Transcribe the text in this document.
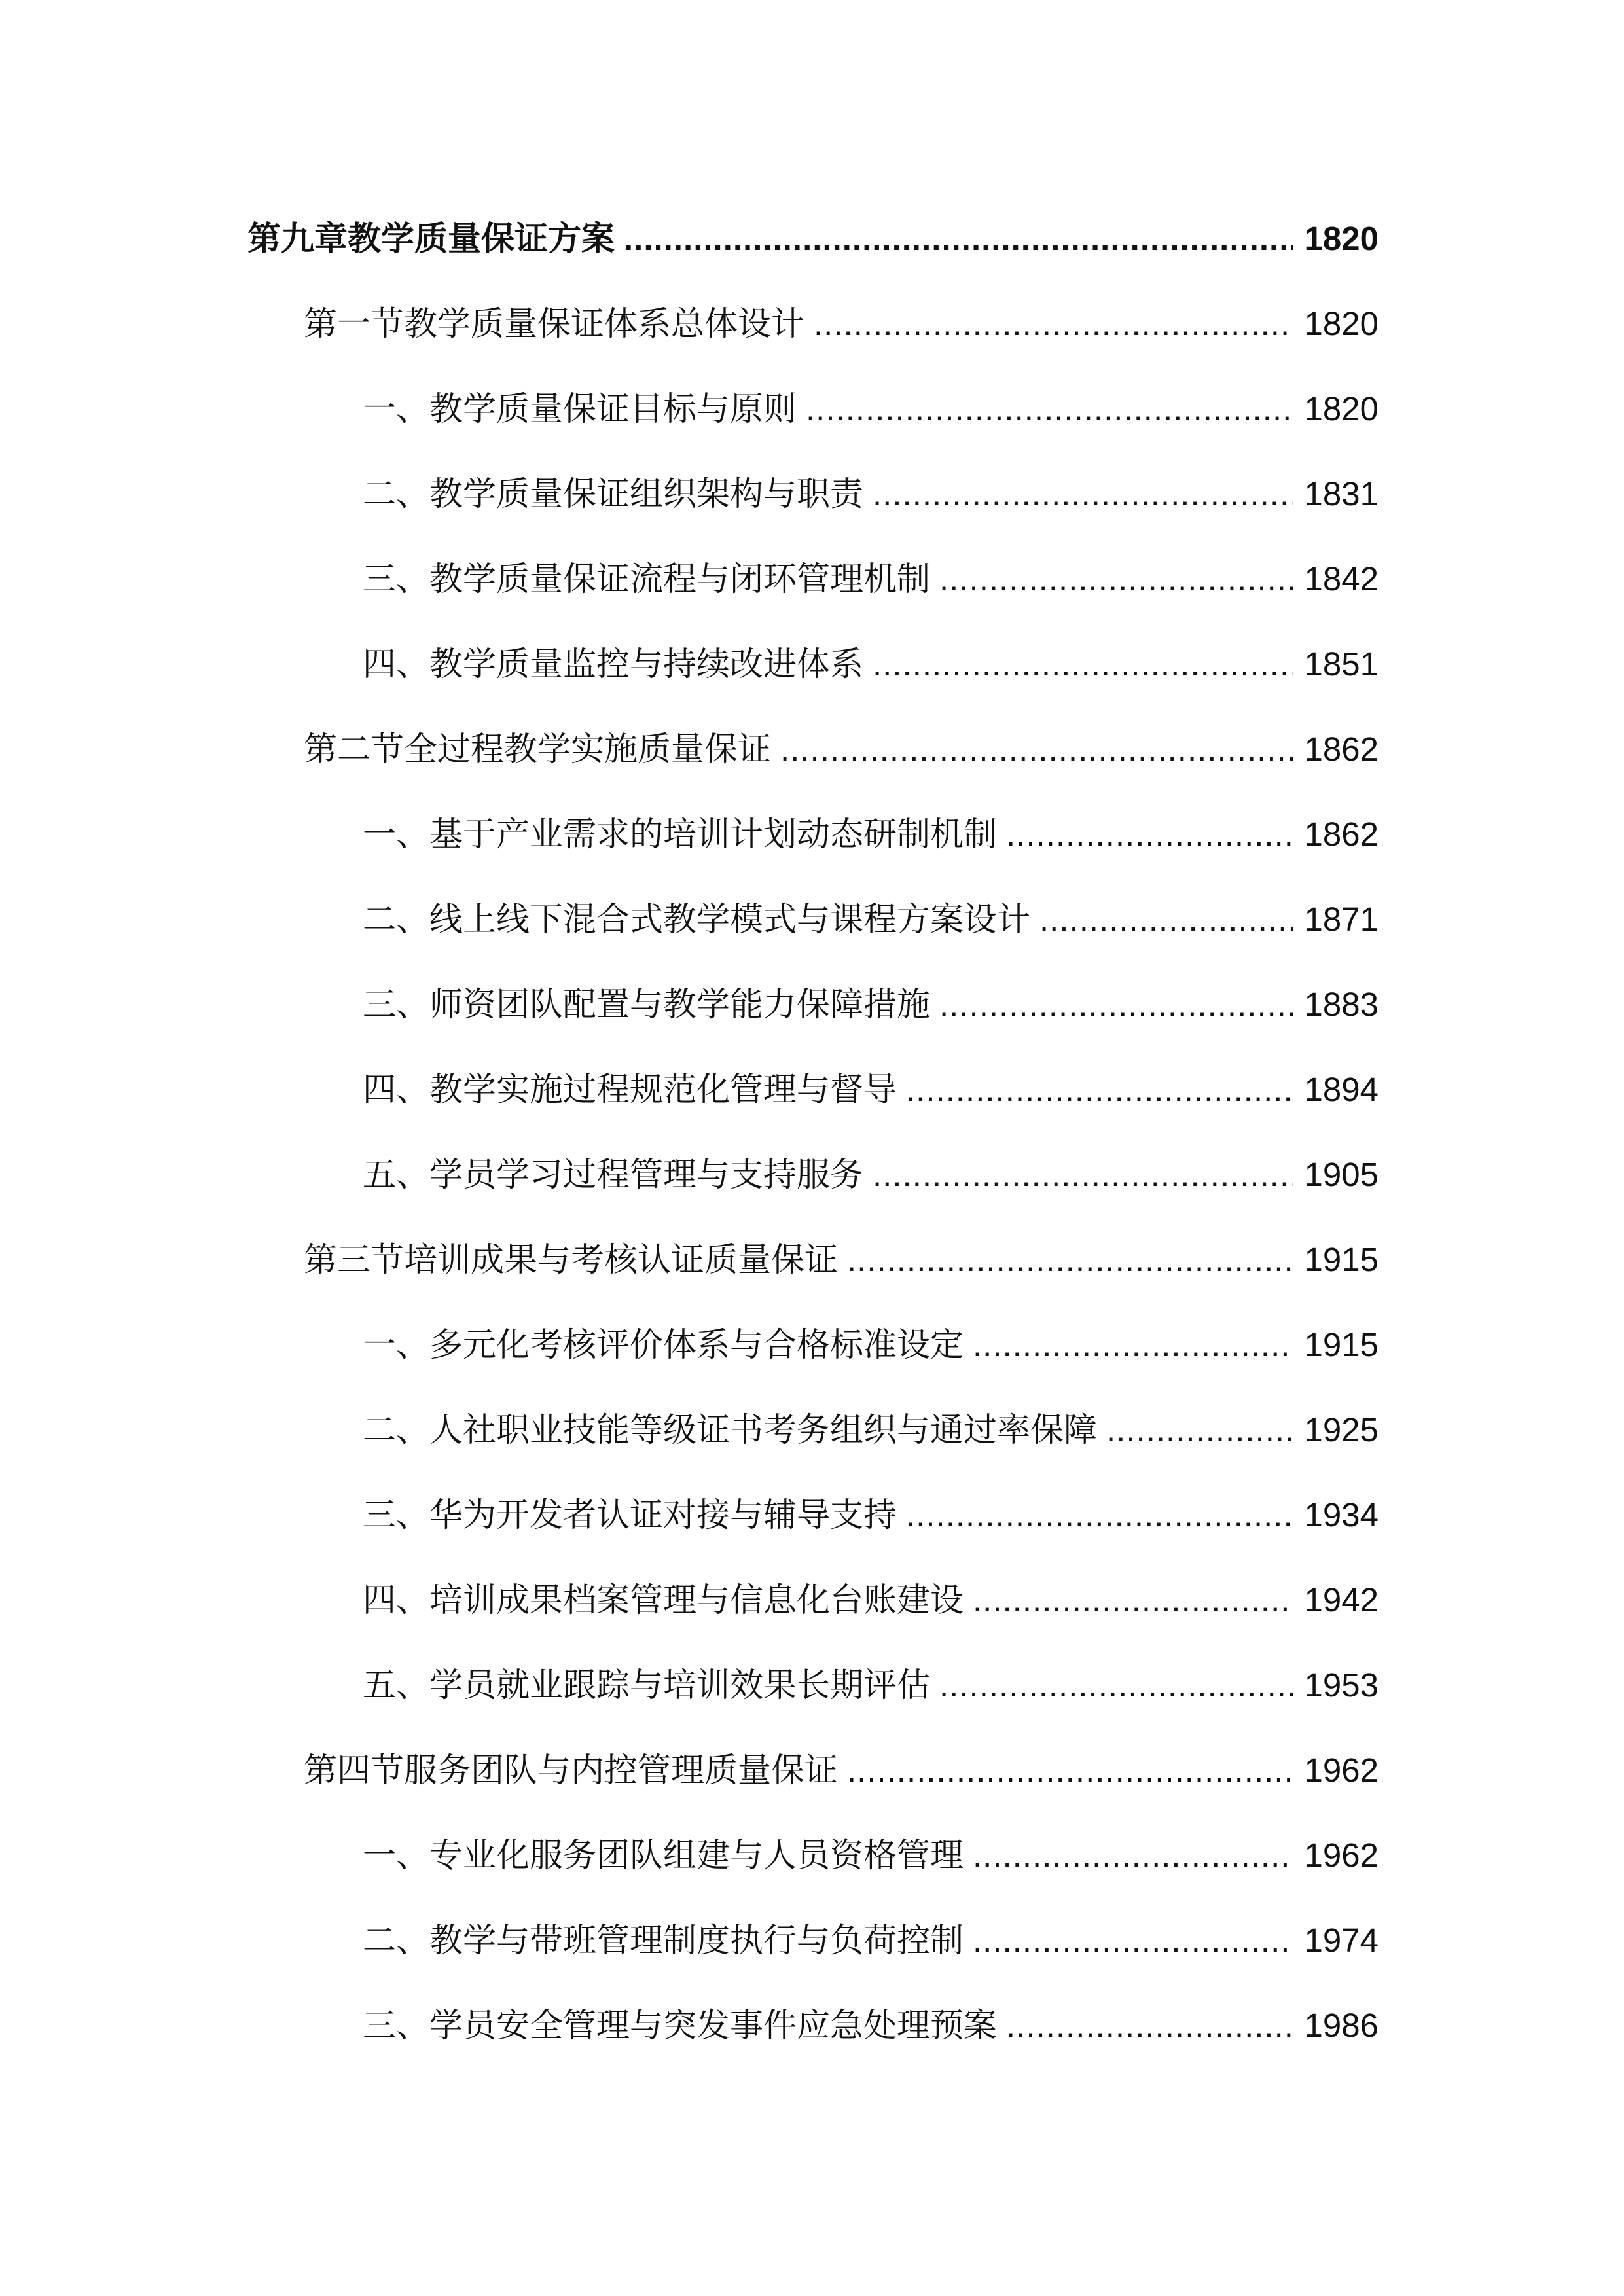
第九章教学质量保证方案 .....	1820
第一节教学质量保证体系总体设计 .....	1820
一、教学质量保证目标与原则 .....	1820
二、教学质量保证组织架构与职责 .....	1831
三、教学质量保证流程与闭环管理机制 .....	1842
四、教学质量监控与持续改进体系 .....	1851
第二节全过程教学实施质量保证 .....	1862
一、基于产业需求的培训计划动态研制机制 .....	1862
二、线上线下混合式教学模式与课程方案设计 .....	1871
三、师资团队配置与教学能力保障措施 .....	1883
四、教学实施过程规范化管理与督导 .....	1894
五、学员学习过程管理与支持服务 .....	1905
第三节培训成果与考核认证质量保证 .....	1915
一、多元化考核评价体系与合格标准设定 .....	1915
二、人社职业技能等级证书考务组织与通过率保障 .....	1925
三、华为开发者认证对接与辅导支持 .....	1934
四、培训成果档案管理与信息化台账建设 .....	1942
五、学员就业跟踪与培训效果长期评估 .....	1953
第四节服务团队与内控管理质量保证 .....	1962
一、专业化服务团队组建与人员资格管理 .....	1962
二、教学与带班管理制度执行与负荷控制 .....	1974
三、学员安全管理与突发事件应急处理预案 .....	1986
